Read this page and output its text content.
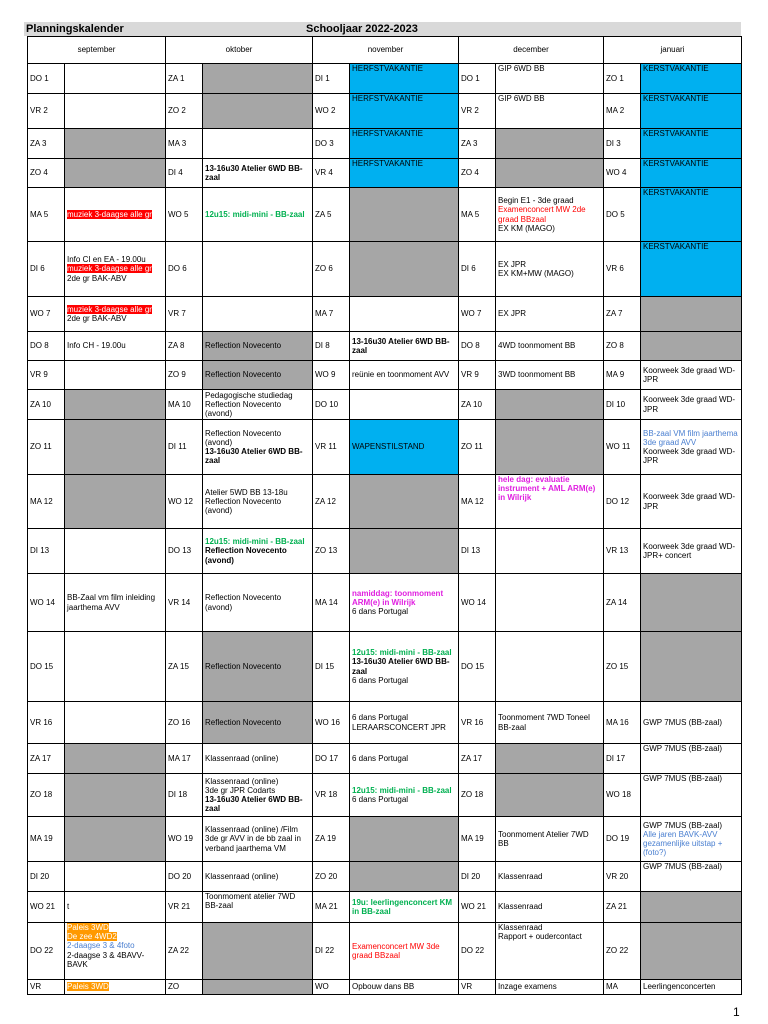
Planningskalender	Schooljaar 2022-2023
september		oktober		november		december		januari	
DO 1		ZA 1		DI 1	HERFSTVAKANTIE	DO 1	GIP 6WD BB	ZO 1	KERSTVAKANTIE

VR 2		ZO 2		WO 2	HERFSTVAKANTIE	VR 2	GIP 6WD BB	MA 2	KERSTVAKANTIE

ZA 3		MA 3		DO 3	HERFSTVAKANTIE	ZA 3		DI 3	KERSTVAKANTIE

ZO 4		DI 4	13-16u30 Atelier 6WD BB-zaal	VR 4	HERFSTVAKANTIE	ZO 4		WO 4	KERSTVAKANTIE

MA 5	muziek 3-daagse alle gr	WO 5	12u15: midi-mini - BB-zaal	ZA 5		MA 5	Begin E1 - 3de graad
Examenconcert MW 2de graad BBzaal
EX KM (MAGO)	DO 5	KERSTVAKANTIE

DI 6	Info CI en EA - 19.00u
muziek 3-daagse alle gr

2de gr BAK-ABV	DO 6		ZO 6		DI 6	EX JPR
EX KM+MW (MAGO)	VR 6	KERSTVAKANTIE

WO 7	muziek 3-daagse alle gr

2de gr BAK-ABV	VR 7		MA 7		WO 7	EX JPR	ZA 7	
DO 8	Info CH - 19.00u	ZA 8	Reflection Novecento	DI 8	13-16u30 Atelier 6WD BB-zaal	DO 8	4WD toonmoment BB	ZO 8	
VR 9		ZO 9	Reflection Novecento	WO 9	reünie en toonmoment AVV	VR 9	3WD toonmoment BB	MA 9	Koorweek 3de graad WD-JPR

ZA 10		MA 10	Pedagogische studiedag
Reflection Novecento (avond)	DO 10		ZA 10		DI 10	Koorweek 3de graad WD-JPR

ZO 11		DI 11	Reflection Novecento (avond)
13-16u30 Atelier 6WD BB-zaal	VR 11	WAPENSTILSTAND	ZO 11		WO 11	BB-zaal VM film jaarthema 3de graad AVV
Koorweek 3de graad WD-JPR

MA 12		WO 12	Atelier 5WD BB 13-18u
Reflection Novecento (avond)	ZA 12		MA 12	hele dag: evaluatie instrument + AML ARM(e) in Wilrijk	DO 12	Koorweek 3de graad WD-JPR

DI 13		DO 13	12u15: midi-mini - BB-zaal
Reflection Novecento (avond)	ZO 13		DI 13		VR 13	Koorweek 3de graad WD-JPR+ concert

WO 14	BB-Zaal vm film inleiding jaarthema AVV	VR 14	Reflection Novecento (avond)	MA 14	namiddag: toonmoment ARM(e) in Wilrijk
6 dans Portugal	WO 14		ZA 14	
DO 15		ZA 15	Reflection Novecento	DI 15	12u15: midi-mini - BB-zaal
13-16u30 Atelier 6WD BB-zaal
6 dans Portugal	DO 15		ZO 15	
VR 16		ZO 16	Reflection Novecento	WO 16	6 dans Portugal
LERAARSCONCERT JPR	VR 16	Toonmoment 7WD Toneel
BB-zaal	MA 16	GWP 7MUS (BB-zaal)

ZA 17		MA 17	Klassenraad (online)	DO 17	6 dans Portugal	ZA 17		DI 17	GWP 7MUS (BB-zaal)

ZO 18		DI 18	Klassenraad (online)
3de gr JPR Codarts
13-16u30 Atelier 6WD BB-zaal	VR 18	12u15: midi-mini - BB-zaal
6 dans Portugal	ZO 18		WO 18	GWP 7MUS (BB-zaal)

MA 19		WO 19	Klassenraad (online) /Film 3de gr AVV in de bb zaal in verband jaarthema VM	ZA 19		MA 19	Toonmoment Atelier 7WD BB	DO 19	GWP 7MUS (BB-zaal)
Alle jaren BAVK-AVV gezamenlijke uitstap + (foto?)

DI 20		DO 20	Klassenraad (online)	ZO 20		DI 20	Klassenraad	VR 20	GWP 7MUS (BB-zaal)

WO 21	t	VR 21	Toonmoment atelier 7WD BB-zaal	MA 21	19u: leerlingenconcert KM in BB-zaal	WO 21	Klassenraad	ZA 21	
DO 22	Paleis 3WD
De zee 4WD2

2-daagse 3 & 4foto
2-daagse 3 & 4BAVV-BAVK	ZA 22		DI 22	Examenconcert MW 3de graad BBzaal	DO 22	Klassenraad
Rapport + oudercontact	ZO 22	
VR	Paleis 3WD	ZO		WO	Opbouw dans BB	VR	Inzage examens	MA	Leerlingenconcerten
1
